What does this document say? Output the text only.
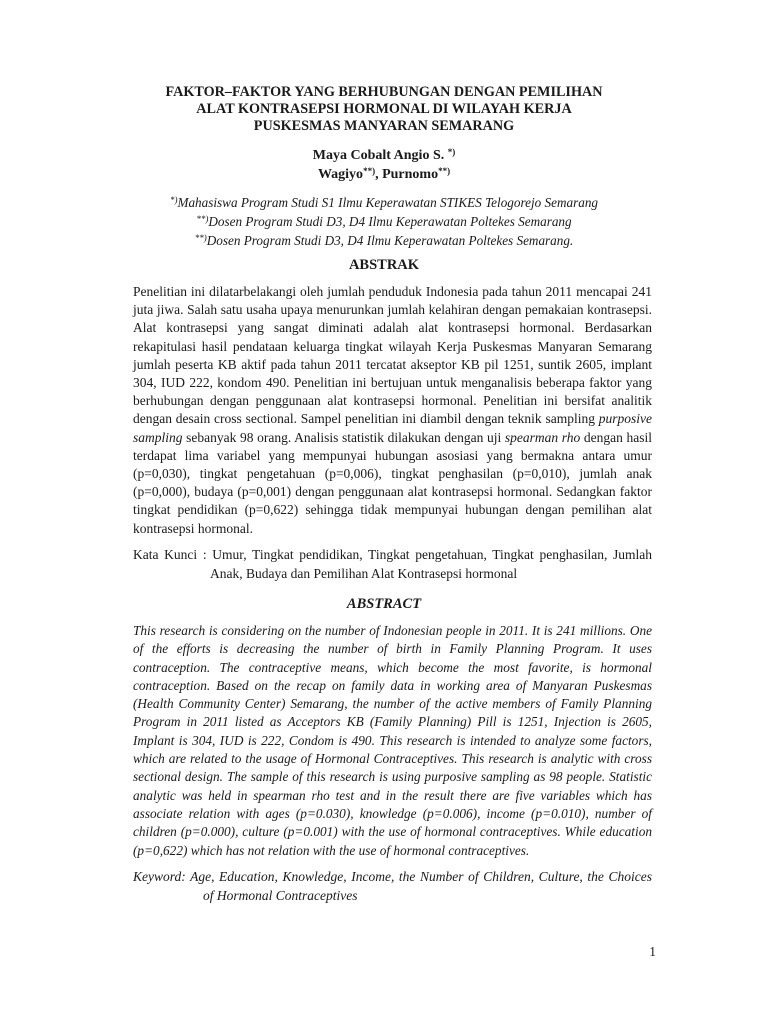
FAKTOR–FAKTOR YANG BERHUBUNGAN DENGAN PEMILIHAN
ALAT KONTRASEPSI HORMONAL DI WILAYAH KERJA
PUSKESMAS MANYARAN SEMARANG
Maya Cobalt Angio S. *)
Wagiyo**), Purnomo**)
*)Mahasiswa Program Studi S1 Ilmu Keperawatan STIKES Telogorejo Semarang
**)Dosen Program Studi D3, D4 Ilmu Keperawatan Poltekes Semarang
**)Dosen Program Studi D3, D4 Ilmu Keperawatan Poltekes Semarang.
ABSTRAK

Penelitian ini dilatarbelakangi oleh jumlah penduduk Indonesia pada tahun 2011 mencapai 241 juta jiwa. Salah satu usaha upaya menurunkan jumlah kelahiran dengan pemakaian kontrasepsi. Alat kontrasepsi yang sangat diminati adalah alat kontrasepsi hormonal. Berdasarkan rekapitulasi hasil pendataan keluarga tingkat wilayah Kerja Puskesmas Manyaran Semarang jumlah peserta KB aktif pada tahun 2011 tercatat akseptor KB pil 1251, suntik 2605, implant 304, IUD 222, kondom 490. Penelitian ini bertujuan untuk menganalisis beberapa faktor yang berhubungan dengan penggunaan alat kontrasepsi hormonal. Penelitian ini bersifat analitik dengan desain cross sectional. Sampel penelitian ini diambil dengan teknik sampling purposive sampling sebanyak 98 orang. Analisis statistik dilakukan dengan uji spearman rho dengan hasil terdapat lima variabel yang mempunyai hubungan asosiasi yang bermakna antara umur (p=0,030), tingkat pengetahuan (p=0,006), tingkat penghasilan (p=0,010), jumlah anak (p=0,000), budaya (p=0,001) dengan penggunaan alat kontrasepsi hormonal. Sedangkan faktor tingkat pendidikan (p=0,622) sehingga tidak mempunyai hubungan dengan pemilihan alat kontrasepsi hormonal.

Kata Kunci : Umur, Tingkat pendidikan, Tingkat pengetahuan, Tingkat penghasilan, Jumlah Anak, Budaya dan Pemilihan Alat Kontrasepsi hormonal
ABSTRACT

This research is considering on the number of Indonesian people in 2011. It is 241 millions. One of the efforts is decreasing the number of birth in Family Planning Program. It uses contraception. The contraceptive means, which become the most favorite, is hormonal contraception. Based on the recap on family data in working area of Manyaran Puskesmas (Health Community Center) Semarang, the number of the active members of Family Planning Program in 2011 listed as Acceptors KB (Family Planning) Pill is 1251, Injection is 2605, Implant is 304, IUD is 222, Condom is 490. This research is intended to analyze some factors, which are related to the usage of Hormonal Contraceptives. This research is analytic with cross sectional design. The sample of this research is using purposive sampling as 98 people. Statistic analytic was held in spearman rho test and in the result there are five variables which has associate relation with ages (p=0.030), knowledge (p=0.006), income (p=0.010), number of children (p=0.000), culture (p=0.001) with the use of hormonal contraceptives. While education (p=0,622) which has not relation with the use of hormonal contraceptives.

Keyword: Age, Education, Knowledge, Income, the Number of Children, Culture, the Choices of Hormonal Contraceptives
1
